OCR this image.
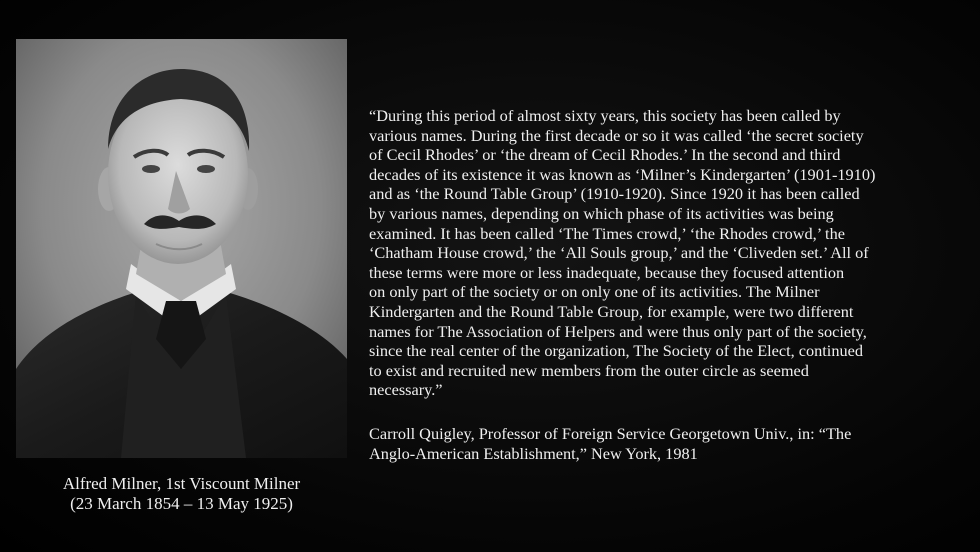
Alfred Milner, 1st Viscount Milner
(23 March 1854 – 13 May 1925)
“During this period of almost sixty years, this society has been called by
various names. During the first decade or so it was called ‘the secret society
of Cecil Rhodes’ or ‘the dream of Cecil Rhodes.’ In the second and third
decades of its existence it was known as ‘Milner’s Kindergarten’ (1901-1910)
and as ‘the Round Table Group’ (1910-1920). Since 1920 it has been called
by various names, depending on which phase of its activities was being
examined. It has been called ‘The Times crowd,’ ‘the Rhodes crowd,’ the
‘Chatham House crowd,’ the ‘All Souls group,’ and the ‘Cliveden set.’ All of
these terms were more or less inadequate, because they focused attention
on only part of the society or on only one of its activities. The Milner
Kindergarten and the Round Table Group, for example, were two different
names for The Association of Helpers and were thus only part of the society,
since the real center of the organization, The Society of the Elect, continued
to exist and recruited new members from the outer circle as seemed
necessary.”
Carroll Quigley, Professor of Foreign Service Georgetown Univ., in: “The
Anglo-American Establishment,” New York, 1981
